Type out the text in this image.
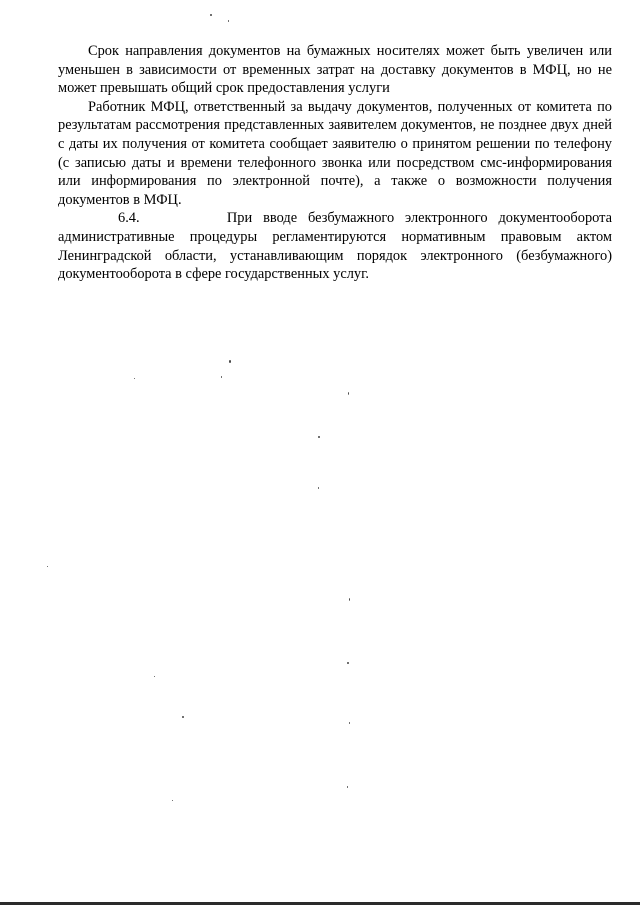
Срок направления документов на бумажных носителях может быть увеличен или уменьшен в зависимости от временных затрат на доставку документов в МФЦ, но не может превышать общий срок предоставления услуги

Работник МФЦ, ответственный за выдачу документов, полученных от комитета по результатам рассмотрения представленных заявителем документов, не позднее двух дней с даты их получения от комитета сообщает заявителю о принятом решении по телефону (с записью даты и времени телефонного звонка или посредством смс-информирования или информирования по электронной почте), а также о возможности получения документов в МФЦ.

6.4.	При вводе безбумажного электронного документооборота административные процедуры регламентируются нормативным правовым актом Ленинградской области, устанавливающим порядок электронного (безбумажного) документооборота в сфере государственных услуг.
